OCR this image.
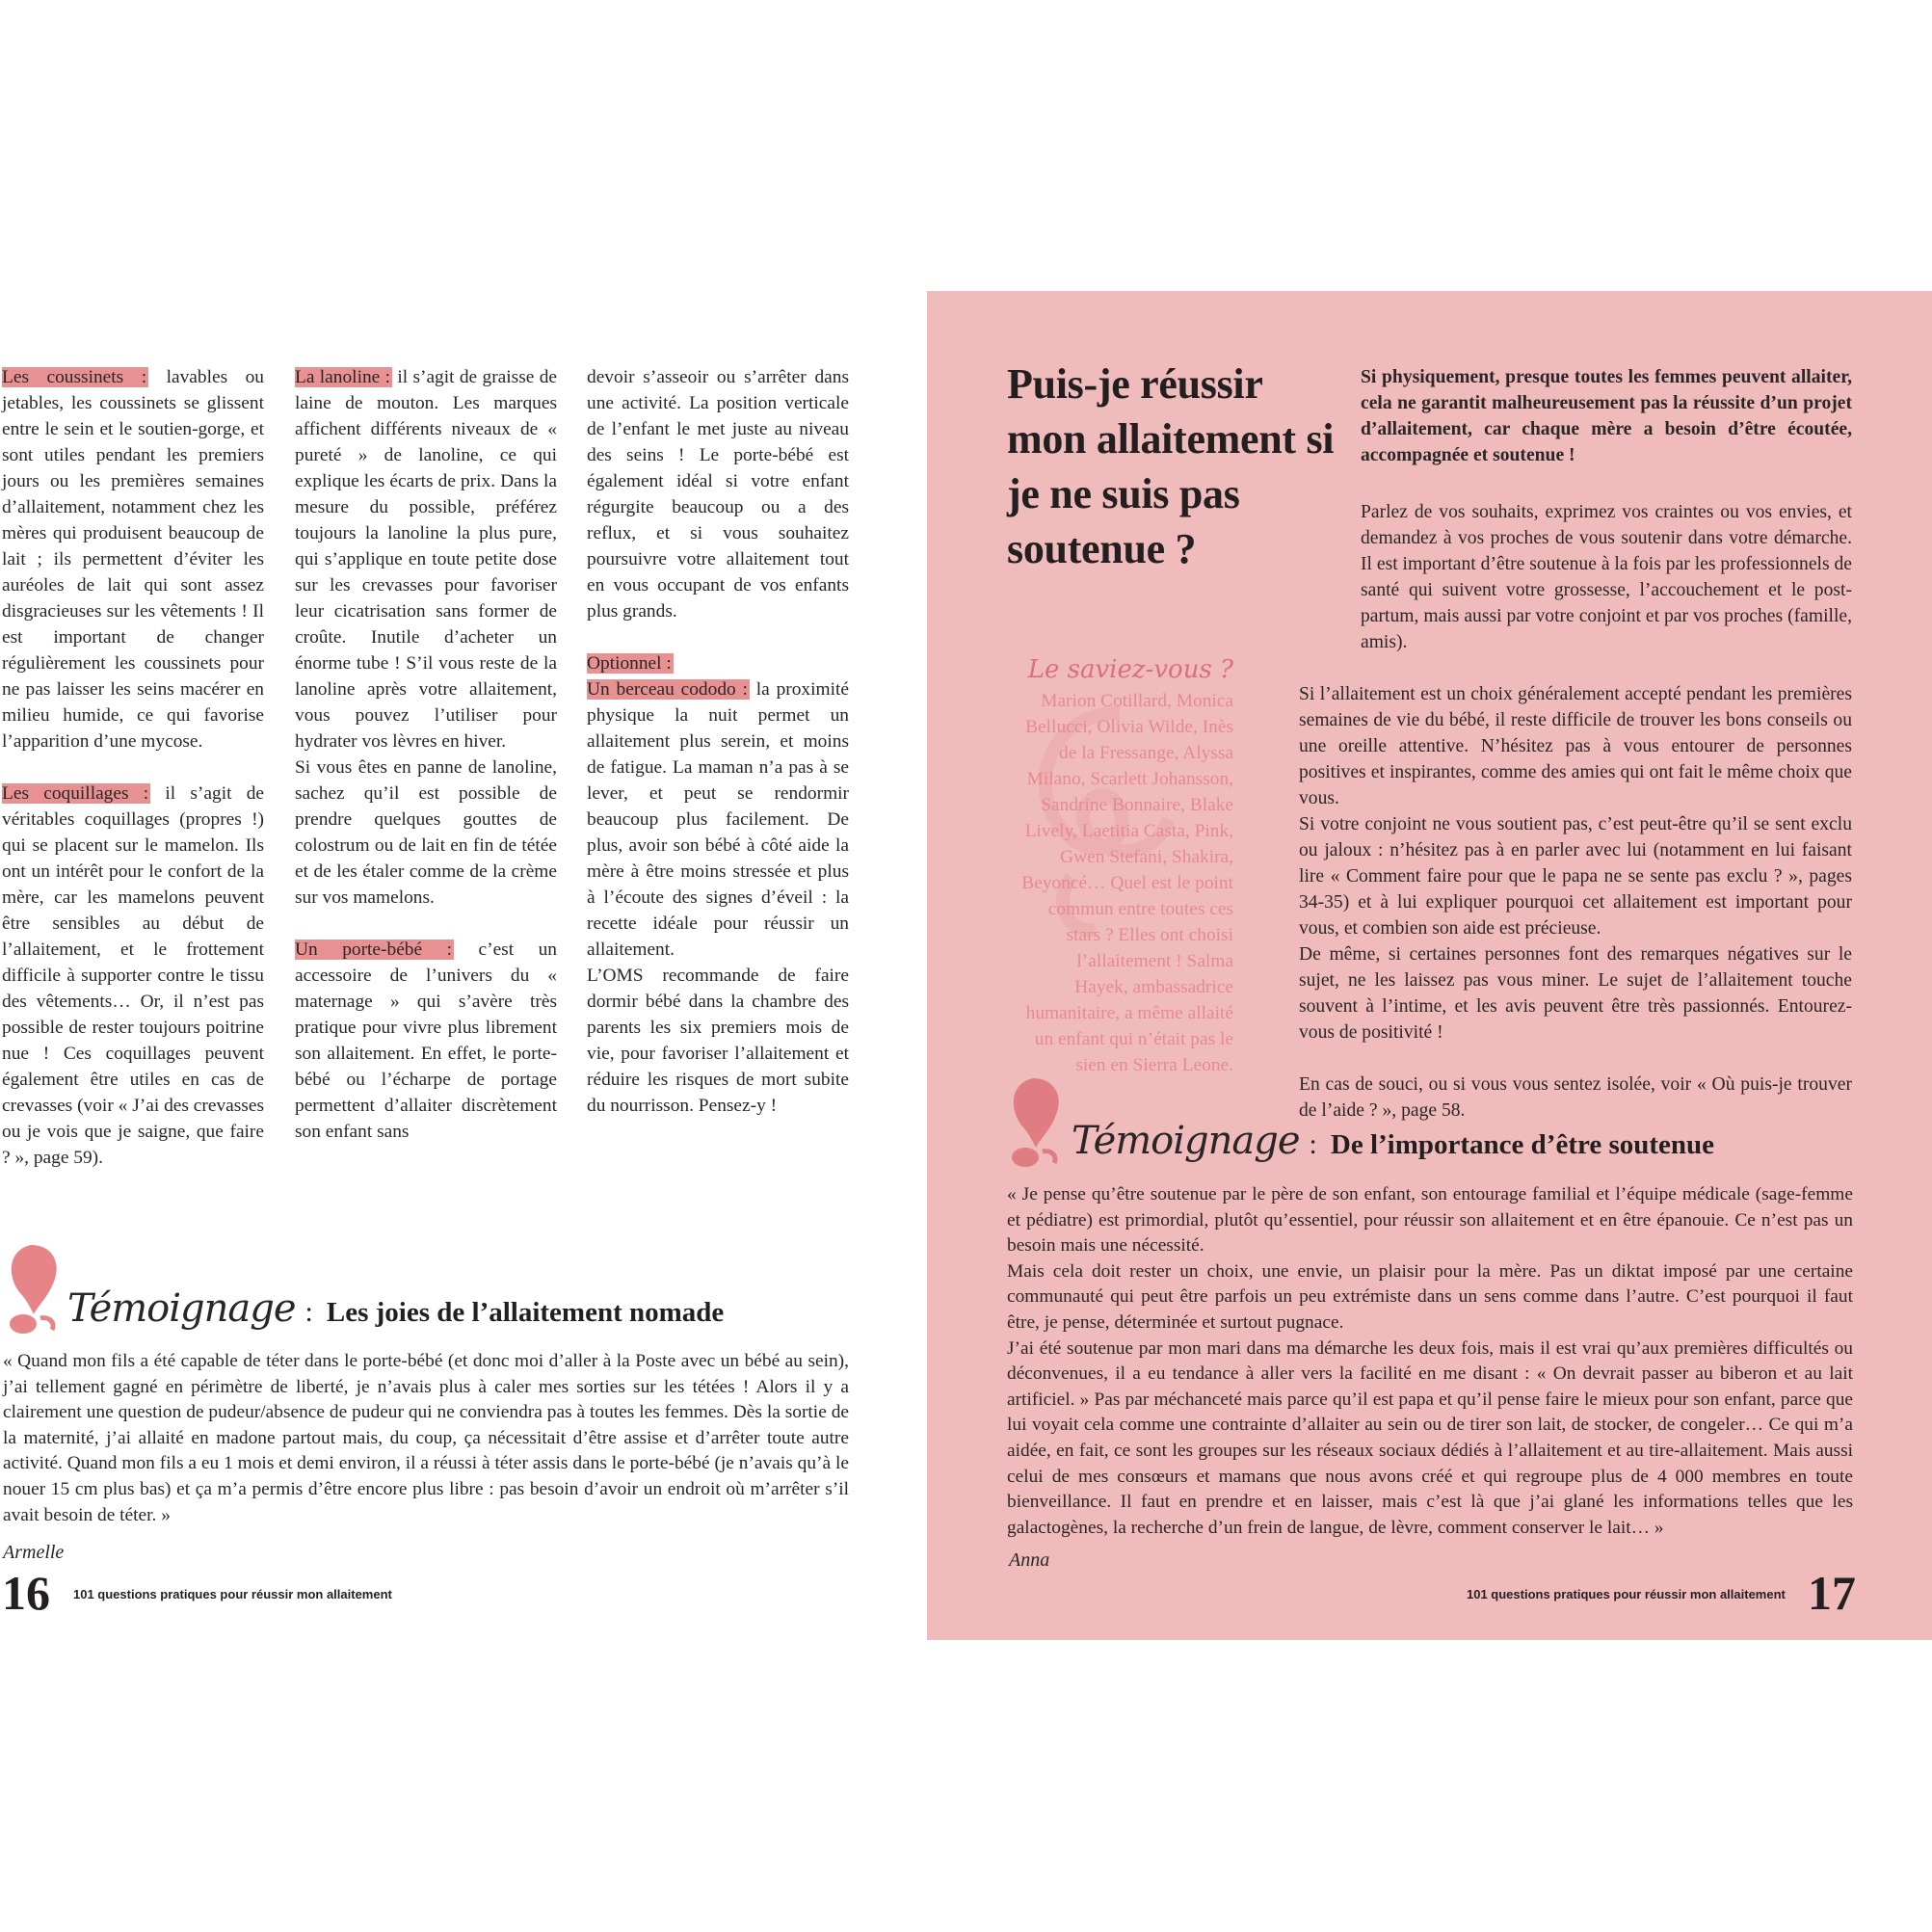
Les coussinets : lavables ou jetables, les coussinets se glissent entre le sein et le soutien-gorge, et sont utiles pendant les premiers jours ou les premières semaines d’allaitement, notamment chez les mères qui produisent beaucoup de lait ; ils permettent d’éviter les auréoles de lait qui sont assez disgracieuses sur les vêtements ! Il est important de changer régulièrement les coussinets pour ne pas laisser les seins macérer en milieu humide, ce qui favorise l’apparition d’une mycose.

Les coquillages : il s’agit de véritables coquillages (propres !) qui se placent sur le mamelon. Ils ont un intérêt pour le confort de la mère, car les mamelons peuvent être sensibles au début de l’allaitement, et le frottement difficile à supporter contre le tissu des vêtements… Or, il n’est pas possible de rester toujours poitrine nue ! Ces coquillages peuvent également être utiles en cas de crevasses (voir « J’ai des crevasses ou je vois que je saigne, que faire ? », page 59).

La lanoline : il s’agit de graisse de laine de mouton. Les marques affichent différents niveaux de « pureté » de lanoline, ce qui explique les écarts de prix. Dans la mesure du possible, préférez toujours la lanoline la plus pure, qui s’applique en toute petite dose sur les crevasses pour favoriser leur cicatrisation sans former de croûte. Inutile d’acheter un énorme tube ! S’il vous reste de la lanoline après votre allaitement, vous pouvez l’utiliser pour hydrater vos lèvres en hiver.

Si vous êtes en panne de lanoline, sachez qu’il est possible de prendre quelques gouttes de colostrum ou de lait en fin de tétée et de les étaler comme de la crème sur vos mamelons.

Un porte-bébé : c’est un accessoire de l’univers du « maternage » qui s’avère très pratique pour vivre plus librement son allaitement. En effet, le porte-bébé ou l’écharpe de portage permettent d’allaiter discrètement son enfant sans

devoir s’asseoir ou s’arrêter dans une activité. La position verticale de l’enfant le met juste au niveau des seins ! Le porte-bébé est également idéal si votre enfant régurgite beaucoup ou a des reflux, et si vous souhaitez poursuivre votre allaitement tout en vous occupant de vos enfants plus grands.

Optionnel :

Un berceau cododo : la proximité physique la nuit permet un allaitement plus serein, et moins de fatigue. La maman n’a pas à se lever, et peut se rendormir beaucoup plus facilement. De plus, avoir son bébé à côté aide la mère à être moins stressée et plus à l’écoute des signes d’éveil : la recette idéale pour réussir un allaitement.

L’OMS recommande de faire dormir bébé dans la chambre des parents les six premiers mois de vie, pour favoriser l’allaitement et réduire les risques de mort subite du nourrisson. Pensez-y !

Témoignage : Les joies de l’allaitement nomade

« Quand mon fils a été capable de téter dans le porte-bébé (et donc moi d’aller à la Poste avec un bébé au sein), j’ai tellement gagné en périmètre de liberté, je n’avais plus à caler mes sorties sur les tétées ! Alors il y a clairement une question de pudeur/absence de pudeur qui ne conviendra pas à toutes les femmes. Dès la sortie de la maternité, j’ai allaité en madone partout mais, du coup, ça nécessitait d’être assise et d’arrêter toute autre activité. Quand mon fils a eu 1 mois et demi environ, il a réussi à téter assis dans le porte-bébé (je n’avais qu’à le nouer 15 cm plus bas) et ça m’a permis d’être encore plus libre : pas besoin d’avoir un endroit où m’arrêter s’il avait besoin de téter. »

Armelle
16 101 questions pratiques pour réussir mon allaitement
Puis-je réussir mon allaitement si je ne suis pas soutenue ?

Si physiquement, presque toutes les femmes peuvent allaiter, cela ne garantit malheureusement pas la réussite d’un projet d’allaitement, car chaque mère a besoin d’être écoutée, accompagnée et soutenue !

Parlez de vos souhaits, exprimez vos craintes ou vos envies, et demandez à vos proches de vous soutenir dans votre démarche. Il est important d’être soutenue à la fois par les professionnels de santé qui suivent votre grossesse, l’accouchement et le post-partum, mais aussi par votre conjoint et par vos proches (famille, amis).

Le saviez-vous ?
Marion Cotillard, Monica Bellucci, Olivia Wilde, Inès de la Fressange, Alyssa Milano, Scarlett Johansson, Sandrine Bonnaire, Blake Lively, Laetitia Casta, Pink, Gwen Stefani, Shakira, Beyoncé… Quel est le point commun entre toutes ces stars ? Elles ont choisi l’allaitement ! Salma Hayek, ambassadrice humanitaire, a même allaité un enfant qui n’était pas le sien en Sierra Leone.

Si l’allaitement est un choix généralement accepté pendant les premières semaines de vie du bébé, il reste difficile de trouver les bons conseils ou une oreille attentive. N’hésitez pas à vous entourer de personnes positives et inspirantes, comme des amies qui ont fait le même choix que vous.

Si votre conjoint ne vous soutient pas, c’est peut-être qu’il se sent exclu ou jaloux : n’hésitez pas à en parler avec lui (notamment en lui faisant lire « Comment faire pour que le papa ne se sente pas exclu ? », pages 34-35) et à lui expliquer pourquoi cet allaitement est important pour vous, et combien son aide est précieuse.

De même, si certaines personnes font des remarques négatives sur le sujet, ne les laissez pas vous miner. Le sujet de l’allaitement touche souvent à l’intime, et les avis peuvent être très passionnés. Entourez-vous de positivité !

En cas de souci, ou si vous vous sentez isolée, voir « Où puis-je trouver de l’aide ? », page 58.

Témoignage : De l’importance d’être soutenue

« Je pense qu’être soutenue par le père de son enfant, son entourage familial et l’équipe médicale (sage-femme et pédiatre) est primordial, plutôt qu’essentiel, pour réussir son allaitement et en être épanouie. Ce n’est pas un besoin mais une nécessité.

Mais cela doit rester un choix, une envie, un plaisir pour la mère. Pas un diktat imposé par une certaine communauté qui peut être parfois un peu extrémiste dans un sens comme dans l’autre. C’est pourquoi il faut être, je pense, déterminée et surtout pugnace.

J’ai été soutenue par mon mari dans ma démarche les deux fois, mais il est vrai qu’aux premières difficultés ou déconvenues, il a eu tendance à aller vers la facilité en me disant : « On devrait passer au biberon et au lait artificiel. » Pas par méchanceté mais parce qu’il est papa et qu’il pense faire le mieux pour son enfant, parce que lui voyait cela comme une contrainte d’allaiter au sein ou de tirer son lait, de stocker, de congeler… Ce qui m’a aidée, en fait, ce sont les groupes sur les réseaux sociaux dédiés à l’allaitement et au tire-allaitement. Mais aussi celui de mes consœurs et mamans que nous avons créé et qui regroupe plus de 4 000 membres en toute bienveillance. Il faut en prendre et en laisser, mais c’est là que j’ai glané les informations telles que les galactogènes, la recherche d’un frein de langue, de lèvre, comment conserver le lait… »

Anna
101 questions pratiques pour réussir mon allaitement 17
